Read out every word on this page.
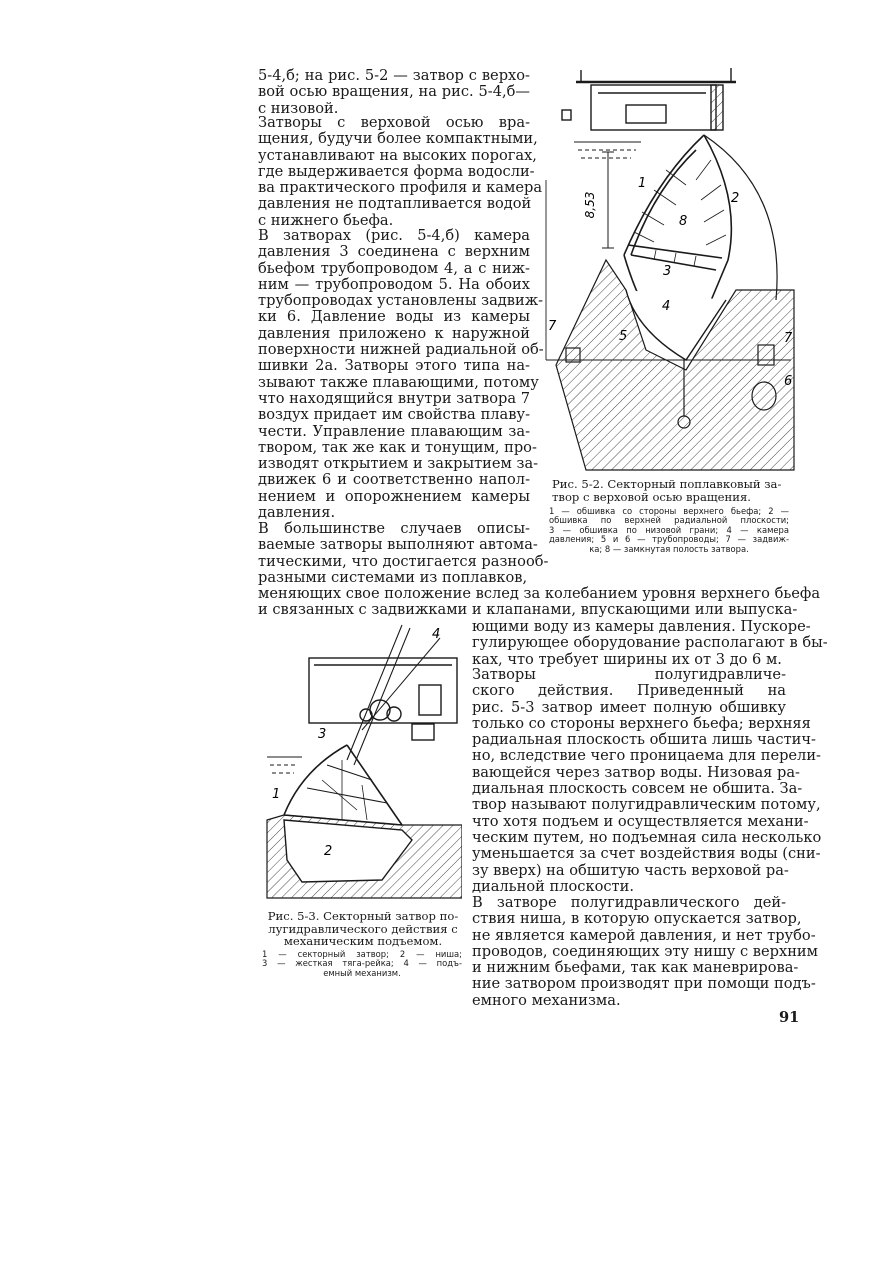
5-4,б; на рис. 5-2 — затвор с верхо-
вой осью вращения, на рис. 5-4,б—
с низовой.
Затворы с верховой осью вра-
щения, будучи более компактными,
устанавливают на высоких порогах,
где выдерживается форма водосли-
ва практического профиля и камера
давления не подтапливается водой
с нижнего бьефа.
В затворах (рис. 5-4,б) камера
давления 3 соединена с верхним
бьефом трубопроводом 4, а с ниж-
ним — трубопроводом 5. На обоих
трубопроводах установлены задвиж-
ки 6. Давление воды из камеры
давления приложено к наружной
поверхности нижней радиальной об-
шивки 2а. Затворы этого типа на-
зывают также плавающими, потому
что находящийся внутри затвора 7
воздух придает им свойства плаву-
чести. Управление плавающим за-
твором, так же как и тонущим, про-
изводят открытием и закрытием за-
движек 6 и соответственно напол-
нением и опорожнением камеры
давления.
В большинстве случаев описы-
ваемые затворы выполняют автома-
тическими, что достигается разнооб-
разными системами из поплавков,
меняющих свое положение вслед за колебанием уровня верхнего бьефа
и связанных с задвижками и клапанами, впускающими или выпуска-
ющими воду из камеры давления. Пускоре-
гулирующее оборудование располагают в бы-
ках, что требует ширины их от 3 до 6 м.
Затворы полугидравличе-
ского действия. Приведенный на
рис. 5-3 затвор имеет полную обшивку
только со стороны верхнего бьефа; верхняя
радиальная плоскость обшита лишь частич-
но, вследствие чего проницаема для перели-
вающейся через затвор воды. Низовая ра-
диальная плоскость совсем не обшита. За-
твор называют полугидравлическим потому,
что хотя подъем и осуществляется механи-
ческим путем, но подъемная сила несколько
уменьшается за счет воздействия воды (сни-
зу вверх) на обшитую часть верховой ра-
диальной плоскости.
В затворе полугидравлического дей-
ствия ниша, в которую опускается затвор,
не является камерой давления, и нет трубо-
проводов, соединяющих эту нишу с верхним
и нижним бьефами, так как маневрирова-
ние затвором производят при помощи подъ-
емного механизма.
8,53
1
2
8
3
4
5
7
7
6
Рис. 5-2. Секторный поплавковый за-
твор с верховой осью вращения.
1 — обшивка со стороны верхнего бьефа; 2 —
обшивка по верхней радиальной плоскости;
3 — обшивка по низовой грани; 4 — камера
давления; 5 и 6 — трубопроводы; 7 — задвиж-
ка; 8 — замкнутая полость затвора.
4
3
1
2
Рис. 5-3. Секторный затвор по-
лугидравлического действия с
механическим подъемом.
1 — секторный затвор; 2 — ниша;
3 — жесткая тяга-рейка; 4 — подъ-
емный механизм.
91
